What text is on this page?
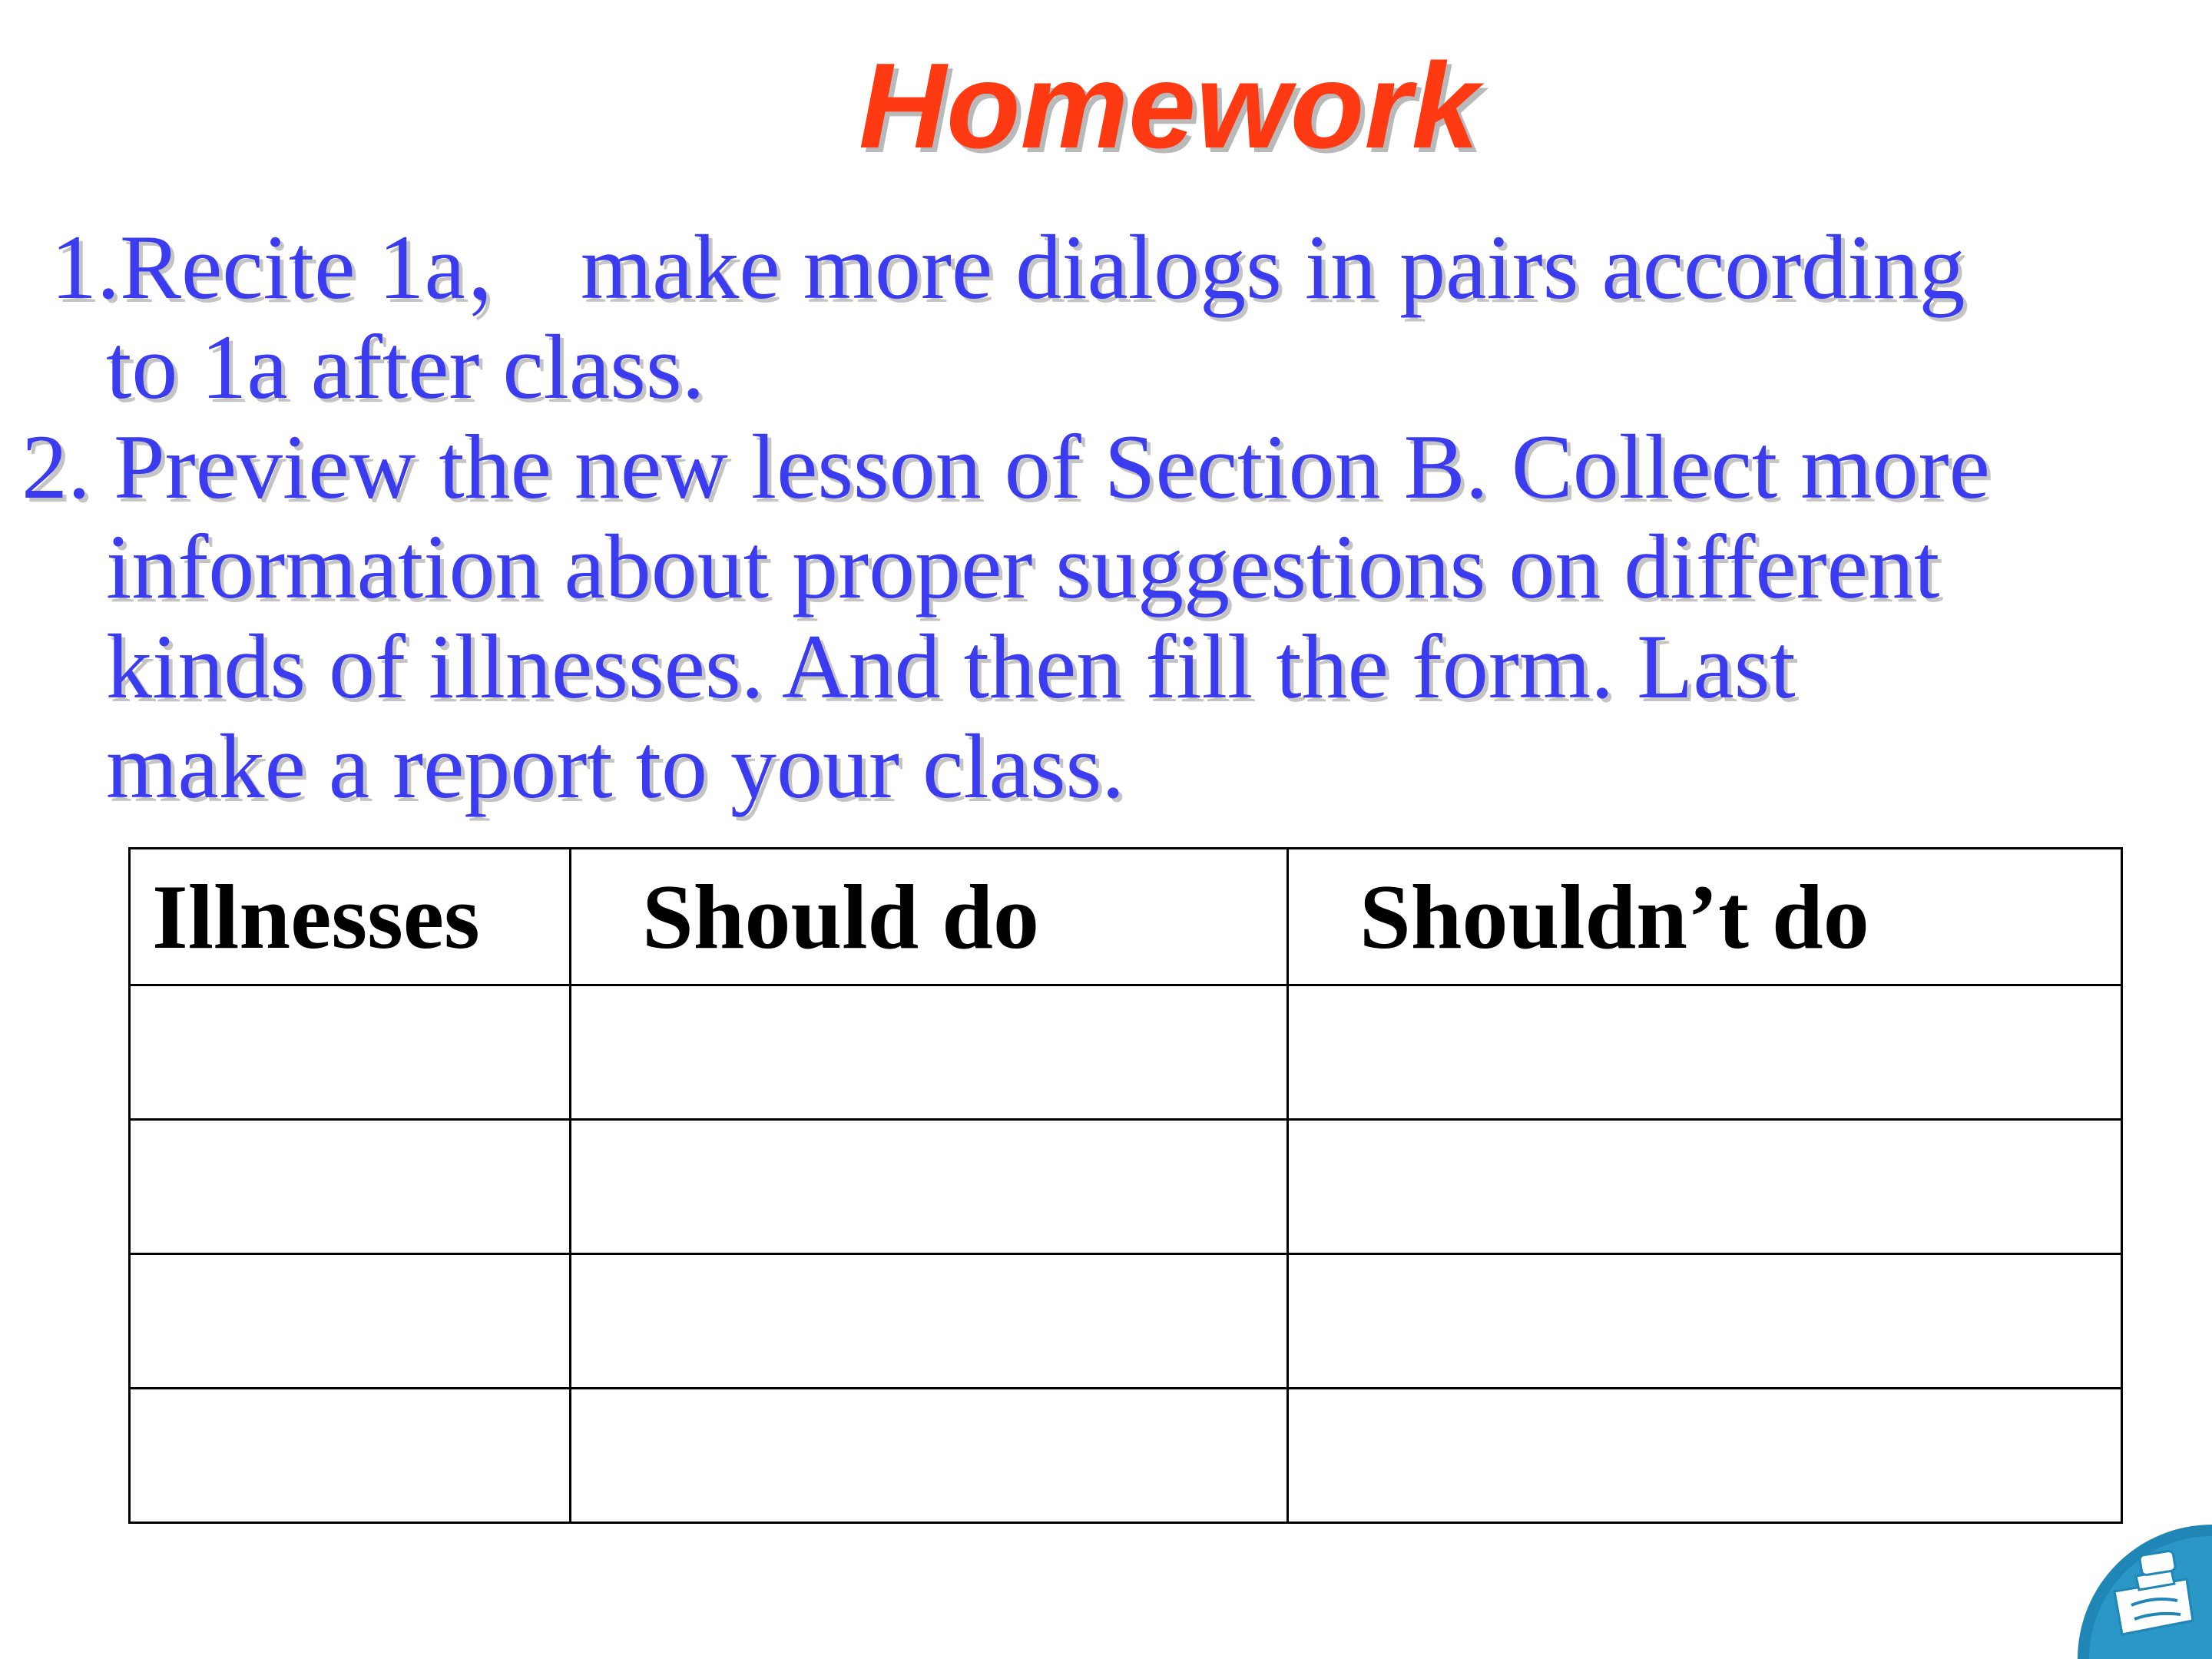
Homework
1.Recite 1a， make more dialogs in pairs according
to 1a after class.
2. Preview the new lesson of Section B. Collect more
information about proper suggestions on different
kinds of illnesses. And then fill the form. Last
make a report to your class.
Illnesses	Should do	Shouldn’t do
